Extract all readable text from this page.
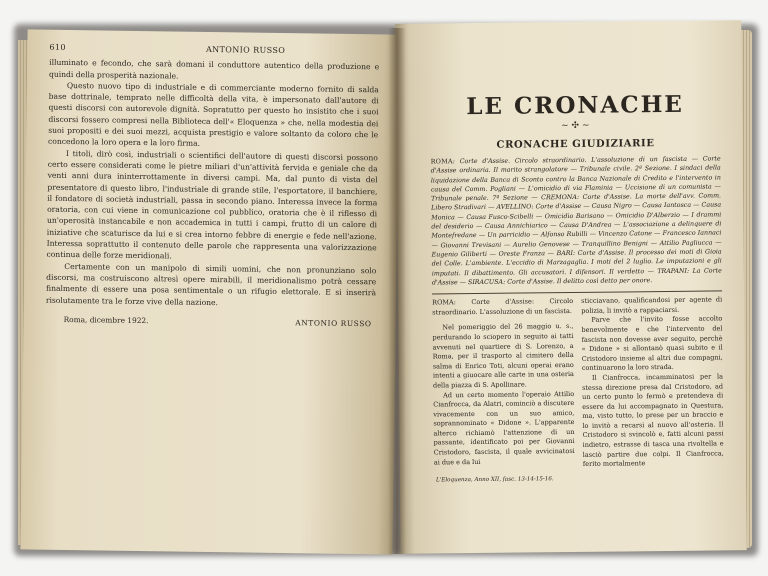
610	ANTONIO RUSSO

illuminato e fecondo, che sarà domani il conduttore autentico della produzione e quindi della prosperità nazionale.

Questo nuovo tipo di industriale e di commerciante moderno fornito di salda base dottrinale, temprato nelle difficoltà della vita, è impersonato dall'autore di questi discorsi con autorevole dignità. Sopratutto per questo ho insistito che i suoi discorsi fossero compresi nella Biblioteca dell'« Eloquenza » che, nella modestia dei suoi propositi e dei suoi mezzi, acquista prestigio e valore soltanto da coloro che le concedono la loro opera e la loro firma.

I titoli, dirò così, industriali o scientifici dell'autore di questi discorsi possono certo essere considerati come le pietre miliari d'un'attività fervida e geniale che da venti anni dura ininterrottamente in diversi campi. Ma, dal punto di vista del presentatore di questo libro, l'industriale di grande stile, l'esportatore, il banchiere, il fondatore di società industriali, passa in secondo piano. Interessa invece la forma oratoria, con cui viene in comunicazione col pubblico, oratoria che è il riflesso di un'operosità instancabile e non accademica in tutti i campi, frutto di un calore di iniziative che scaturisce da lui e si crea intorno febbre di energie e fede nell'azione. Interessa soprattutto il contenuto delle parole che rappresenta una valorizzazione continua delle forze meridionali.

Certamente con un manipolo di simili uomini, che non pronunziano solo discorsi, ma costruiscono altresì opere mirabili, il meridionalismo potrà cessare finalmente di essere una posa sentimentale o un rifugio elettorale. E si inserirà risolutamente tra le forze vive della nazione.

Roma, dicembre 1922.	ANTONIO RUSSO
LE CRONACHE
~ ✣ ~
CRONACHE GIUDIZIARIE
ROMA: Corte d'Assise. Circolo straordinario. L'assoluzione di un fascista — Corte d'Assise ordinaria. Il marito strangolatore — Tribunale civile. 2ª Sezione. I sindaci della liquidazione della Banca di Sconto contro la Banca Nazionale di Credito e l'intervento in causa del Comm. Pogliani — L'omicidio di via Flaminia — Uccisione di un comunista — Tribunale penale. 7ª Sezione — CREMONA: Corte d'Assise. La morte dell'avv. Comm. Libero Stradivari — AVELLINO: Corte d'Assise — Causa Nigro — Causa Iantosca — Causa Monica — Causa Fusco-Scibelli — Omicidio Barisano — Omicidio D'Alberzio — I drammi del desiderio — Causa Annichiarico — Causa D'Andrea — L'associazione a delinquere di Montefredane — Un parricidio — Alfonso Rubilli — Vincenzo Catone — Francesco Iannaci — Giovanni Trevisani — Aurelio Genovese — Tranquillino Benigni — Attilio Pagliucca — Eugenio Giliberti — Oreste Franza — BARI: Corte d'Assise. Il processo dei moti di Gioia del Colle. L'ambiente. L'eccidio di Marzagaglia. I moti del 2 luglio. Le imputazioni e gli imputati. Il dibattimento. Gli accusatori. I difensori. Il verdetto — TRAPANI: La Corte d'Assise — SIRACUSA: Corte d'Assise. Il delitto così detto per onore.

ROMA: Corte d'Assise: Circolo straordinario. L'assoluzione di un fascista.

Nel pomeriggio del 26 maggio u. s., perdurando lo sciopero in seguito ai tatti avvenuti nel quartiere di S. Lorenzo, a Roma, per il trasporto al cimitero della salma di Enrico Toti, alcuni operai erano intenti a giuocare alle carte in una osteria della piazza di S. Apollinare.

Ad un certo momento l'operaio Attilio Cianfrocca, da Alatri, cominciò a discutere vivacemente con un suo amico, soprannominato « Didone ». L'apparente alterco richiamò l'attenzione di un passante, identificato poi per Giovanni Cristodoro, fascista, il quale avvicinatosi ai due e da lui

sticciavano, qualificandosi per agente di polizia, li invitò a rappaciarsi.

Parve che l'invito fosse accolto benevolmente e che l'intervento del fascista non dovesse aver seguito, perchè « Didone » si allontanò quasi subito e il Cristodoro insieme al altri due compagni, continuarono la loro strada.

Il Cianfrocca, incamminatosi per la stessa direzione presa dal Cristodoro, ad un certo punto lo fermò e pretendeva di essere da lui accompagnato in Questura, ma, visto tutto, lo prese per un braccio e lo invitò a recarsi al nuovo all'osteria. Il Cristodoro si svincolò e, fatti alcuni passi indietro, estrasse di tasca una rivoltella e lasciò partire due colpi. Il Cianfrocca, ferito mortalmente

L'Eloquenza, Anno XII, fasc. 13-14-15-16.
